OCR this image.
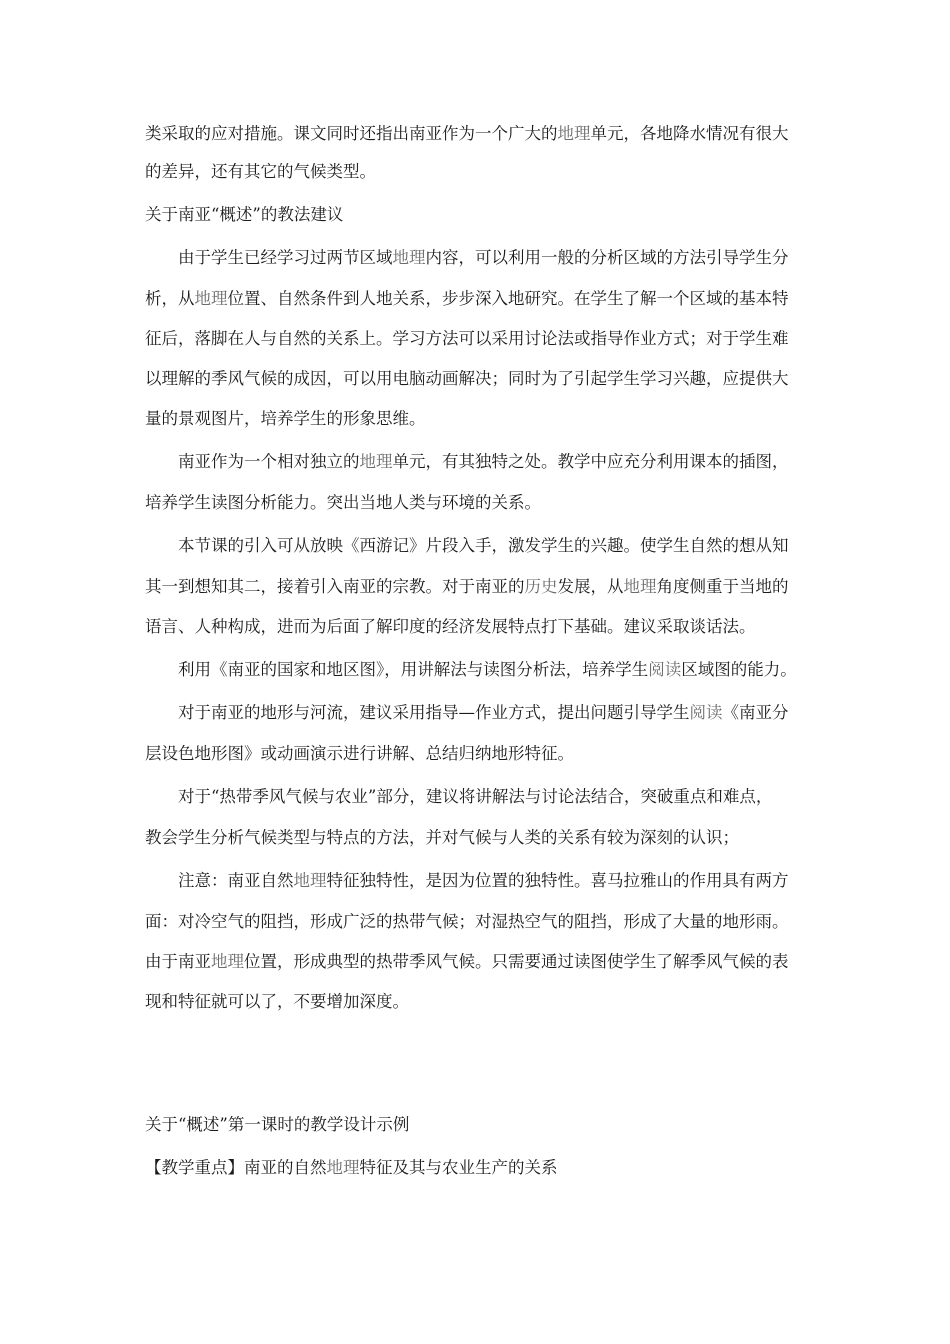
类采取的应对措施。课文同时还指出南亚作为一个广大的地理单元，各地降水情况有很大
的差异，还有其它的气候类型。
关于南亚“概述”的教法建议
由于学生已经学习过两节区域地理内容，可以利用一般的分析区域的方法引导学生分
析，从地理位置、自然条件到人地关系，步步深入地研究。在学生了解一个区域的基本特
征后，落脚在人与自然的关系上。学习方法可以采用讨论法或指导作业方式；对于学生难
以理解的季风气候的成因，可以用电脑动画解决；同时为了引起学生学习兴趣，应提供大
量的景观图片，培养学生的形象思维。
南亚作为一个相对独立的地理单元，有其独特之处。教学中应充分利用课本的插图，
培养学生读图分析能力。突出当地人类与环境的关系。
本节课的引入可从放映《西游记》片段入手，激发学生的兴趣。使学生自然的想从知
其一到想知其二，接着引入南亚的宗教。对于南亚的历史发展，从地理角度侧重于当地的
语言、人种构成，进而为后面了解印度的经济发展特点打下基础。建议采取谈话法。
利用《南亚的国家和地区图》，用讲解法与读图分析法，培养学生阅读区域图的能力。
对于南亚的地形与河流，建议采用指导—作业方式，提出问题引导学生阅读《南亚分
层设色地形图》或动画演示进行讲解、总结归纳地形特征。
对于“热带季风气候与农业”部分，建议将讲解法与讨论法结合，突破重点和难点，
教会学生分析气候类型与特点的方法，并对气候与人类的关系有较为深刻的认识；
注意：南亚自然地理特征独特性，是因为位置的独特性。喜马拉雅山的作用具有两方
面：对冷空气的阻挡，形成广泛的热带气候；对湿热空气的阻挡，形成了大量的地形雨。
由于南亚地理位置，形成典型的热带季风气候。只需要通过读图使学生了解季风气候的表
现和特征就可以了，不要增加深度。
关于“概述”第一课时的教学设计示例
【教学重点】南亚的自然地理特征及其与农业生产的关系
